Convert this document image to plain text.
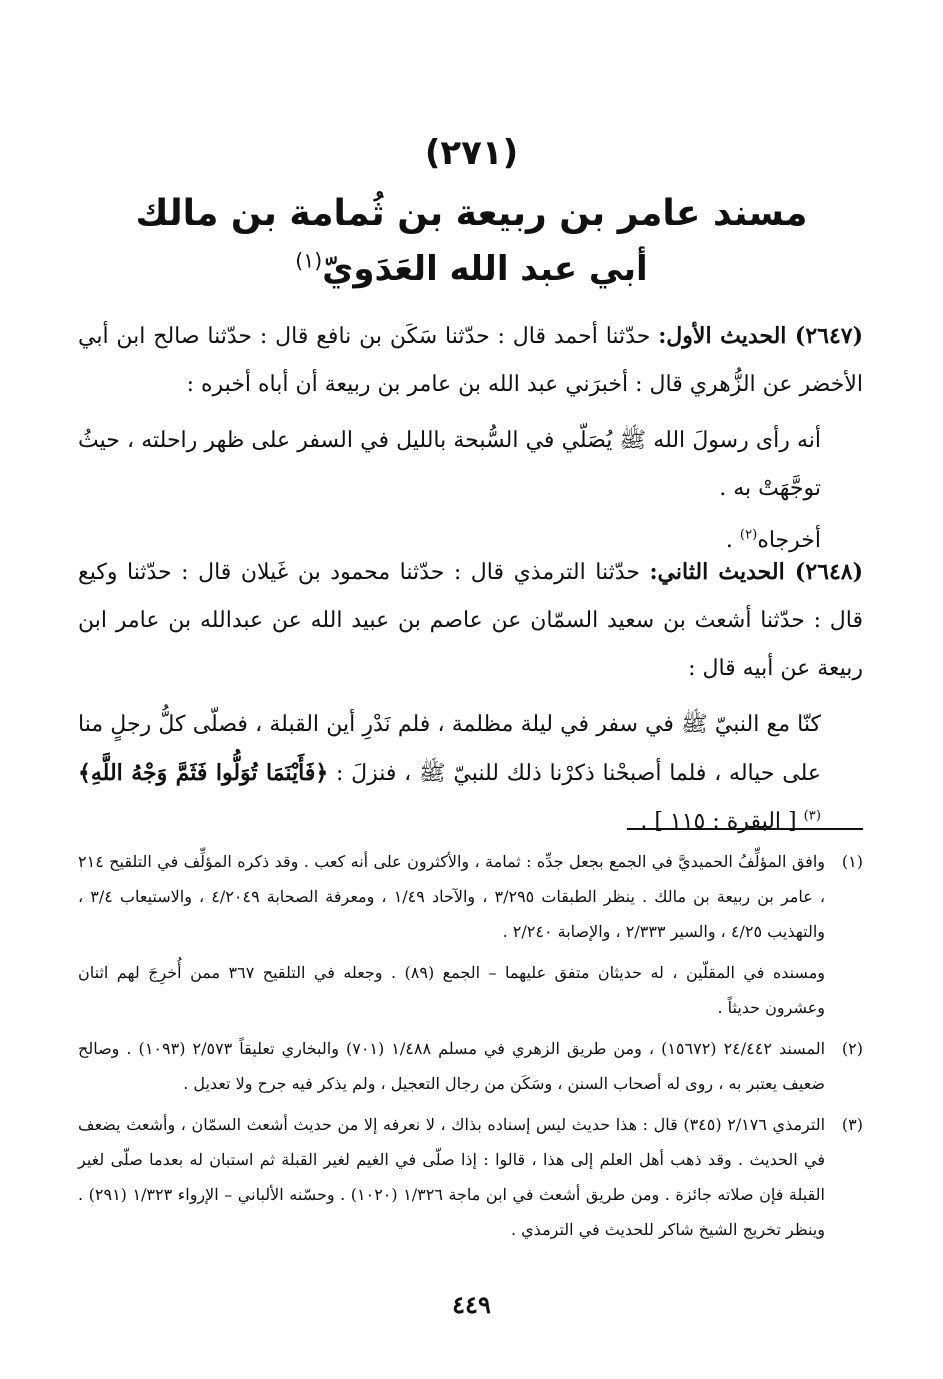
(٢٧١)
مسند عامر بن ربيعة بن ثُمامة بن مالك
أبي عبد الله العَدَويّ$^{(١)}$

(٢٦٤٧) الحديث الأول: حدّثنا أحمد قال : حدّثنا سَكَن بن نافع قال : حدّثنا صالح ابن أبي الأخضر عن الزُّهري قال : أخبرَني عبد الله بن عامر بن ربيعة أن أباه أخبره :

أنه رأى رسولَ الله ﷺ يُصَلّي في السُّبحة بالليل في السفر على ظهر راحلته ، حيثُ توجَّهَتْ به .

أخرجاه$^{(٢)}$ .

(٢٦٤٨) الحديث الثاني: حدّثنا الترمذي قال : حدّثنا محمود بن غَيلان قال : حدّثنا وكيع قال : حدّثنا أشعث بن سعيد السمّان عن عاصم بن عبيد الله عن عبدالله بن عامر ابن ربيعة عن أبيه قال :

كنّا مع النبيّ ﷺ في سفر في ليلة مظلمة ، فلم نَدْرِ أين القبلة ، فصلّى كلُّ رجلٍ منا على حياله ، فلما أصبحْنا ذكرْنا ذلك للنبيّ ﷺ ، فنزلَ : ﴿فَأَيْنَمَا تُوَلُّوا فَثَمَّ وَجْهُ اللَّهِ﴾$^{(٣)}$ [ البقرة : ١١٥ ] .

(١)
وافق المؤلِّفُ الحميديَّ في الجمع بجعل جدِّه : ثمامة ، والأكثرون على أنه كعب . وقد ذكره المؤلِّف في التلقيح ٢١٤ ، عامر بن ربيعة بن مالك . ينظر الطبقات ٣/٢٩٥ ، والآحاد ١/٤٩ ، ومعرفة الصحابة ٤/٢٠٤٩ ، والاستيعاب ٣/٤ ، والتهذيب ٤/٢٥ ، والسير ٢/٣٣٣ ، والإصابة ٢/٢٤٠ .

ومسنده في المقلّين ، له حديثان متفق عليهما – الجمع (٨٩) . وجعله في التلقيح ٣٦٧ ممن أُخرِجَ لهم اثنان وعشرون حديثاً .

(٢)
المسند ٢٤/٤٤٢ (١٥٦٧٢) ، ومن طريق الزهري في مسلم ١/٤٨٨ (٧٠١) والبخاري تعليقاً ٢/٥٧٣ (١٠٩٣) . وصالح ضعيف يعتبر به ، روى له أصحاب السنن ، وسَكَن من رجال التعجيل ، ولم يذكر فيه جرح ولا تعديل .
(٣)
الترمذي ٢/١٧٦ (٣٤٥) قال : هذا حديث ليس إسناده بذاك ، لا نعرفه إلا من حديث أشعث السمّان ، وأشعث يضعف في الحديث . وقد ذهب أهل العلم إلى هذا ، قالوا : إذا صلّى في الغيم لغير القبلة ثم استبان له بعدما صلّى لغير القبلة فإن صلاته جائزة . ومن طريق أشعث في ابن ماجة ١/٣٢٦ (١٠٢٠) . وحسّنه الألباني – الإرواء ١/٣٢٣ (٢٩١) . وينظر تخريج الشيخ شاكر للحديث في الترمذي .
٤٤٩
